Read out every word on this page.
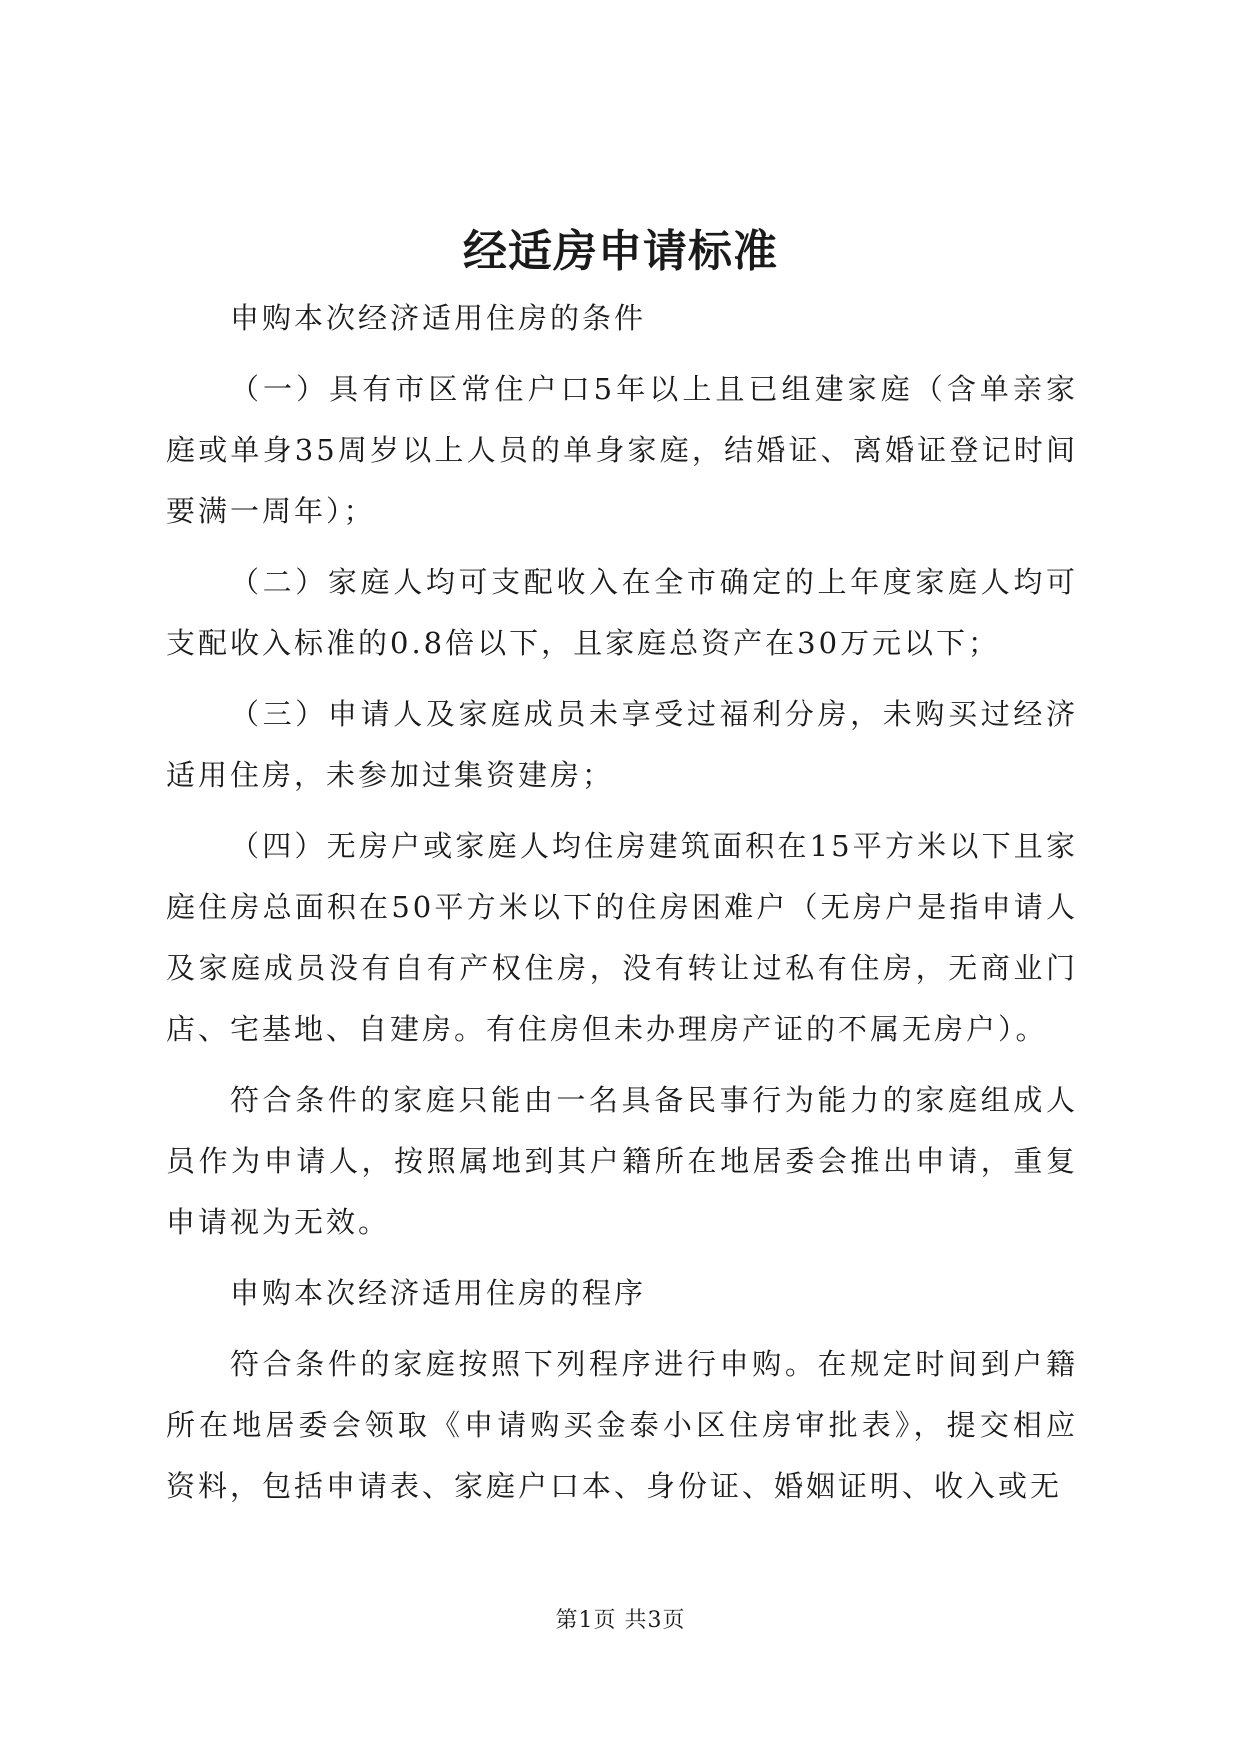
经适房申请标准

申购本次经济适用住房的条件

（一）具有市区常住户口5年以上且已组建家庭（含单亲家庭或单身35周岁以上人员的单身家庭，结婚证、离婚证登记时间要满一周年）；

（二）家庭人均可支配收入在全市确定的上年度家庭人均可支配收入标准的0.8倍以下，且家庭总资产在30万元以下；

（三）申请人及家庭成员未享受过福利分房，未购买过经济适用住房，未参加过集资建房；

（四）无房户或家庭人均住房建筑面积在15平方米以下且家庭住房总面积在50平方米以下的住房困难户（无房户是指申请人及家庭成员没有自有产权住房，没有转让过私有住房，无商业门店、宅基地、自建房。有住房但未办理房产证的不属无房户）。

符合条件的家庭只能由一名具备民事行为能力的家庭组成人员作为申请人，按照属地到其户籍所在地居委会推出申请，重复申请视为无效。

申购本次经济适用住房的程序

符合条件的家庭按照下列程序进行申购。在规定时间到户籍所在地居委会领取《申请购买金泰小区住房审批表》，提交相应资料，包括申请表、家庭户口本、身份证、婚姻证明、收入或无

第1页 共3页
